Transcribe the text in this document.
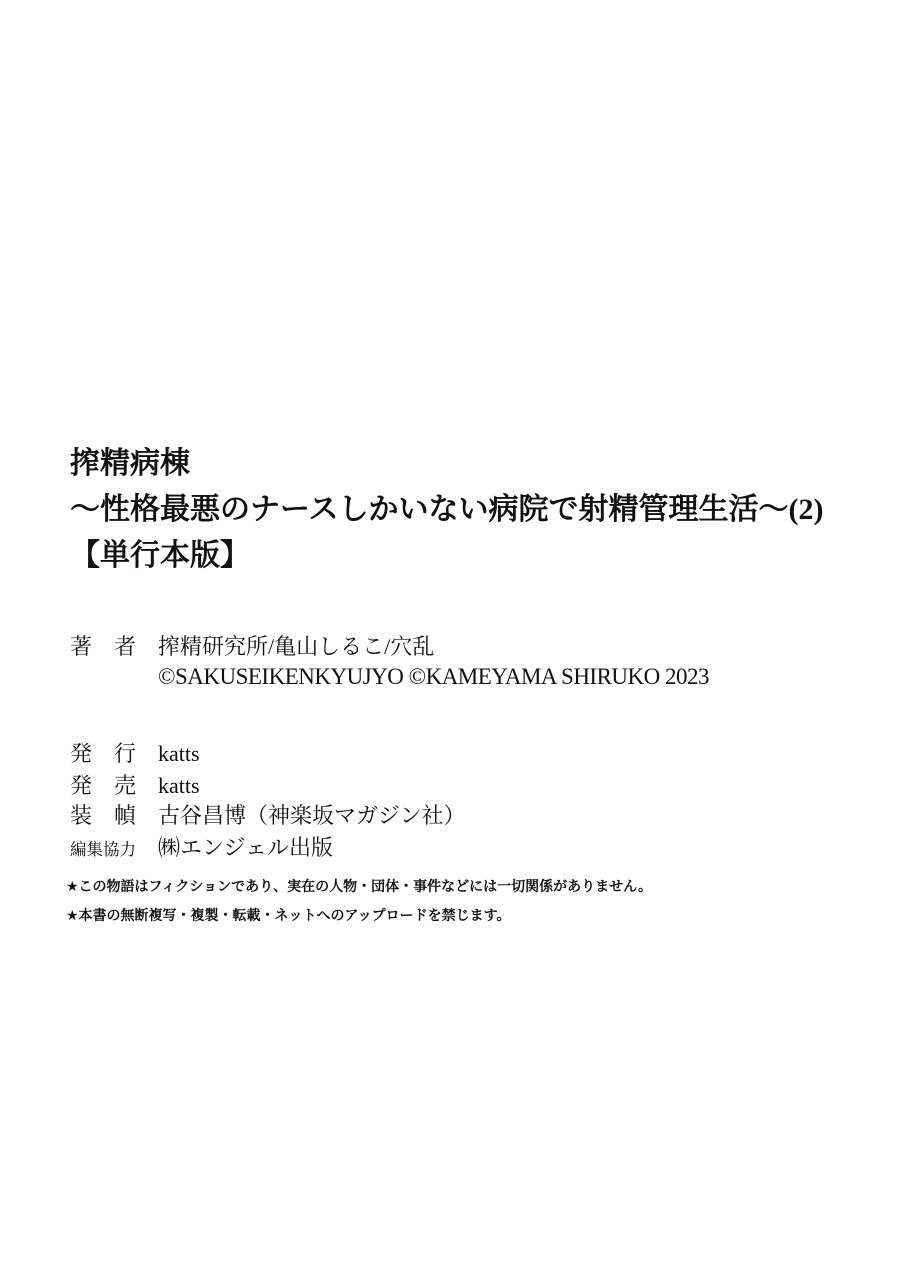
搾精病棟
～性格最悪のナースしかいない病院で射精管理生活～(2)
【単行本版】
著　者 搾精研究所/亀山しるこ/穴乱
©SAKUSEIKENKYUJYO ©KAMEYAMA SHIRUKO 2023
発　行 katts
発　売 katts
装　幀 古谷昌博（神楽坂マガジン社）
編集協力 ㈱エンジェル出版
★この物語はフィクションであり、実在の人物・団体・事件などには一切関係がありません。
★本書の無断複写・複製・転載・ネットへのアップロードを禁じます。
